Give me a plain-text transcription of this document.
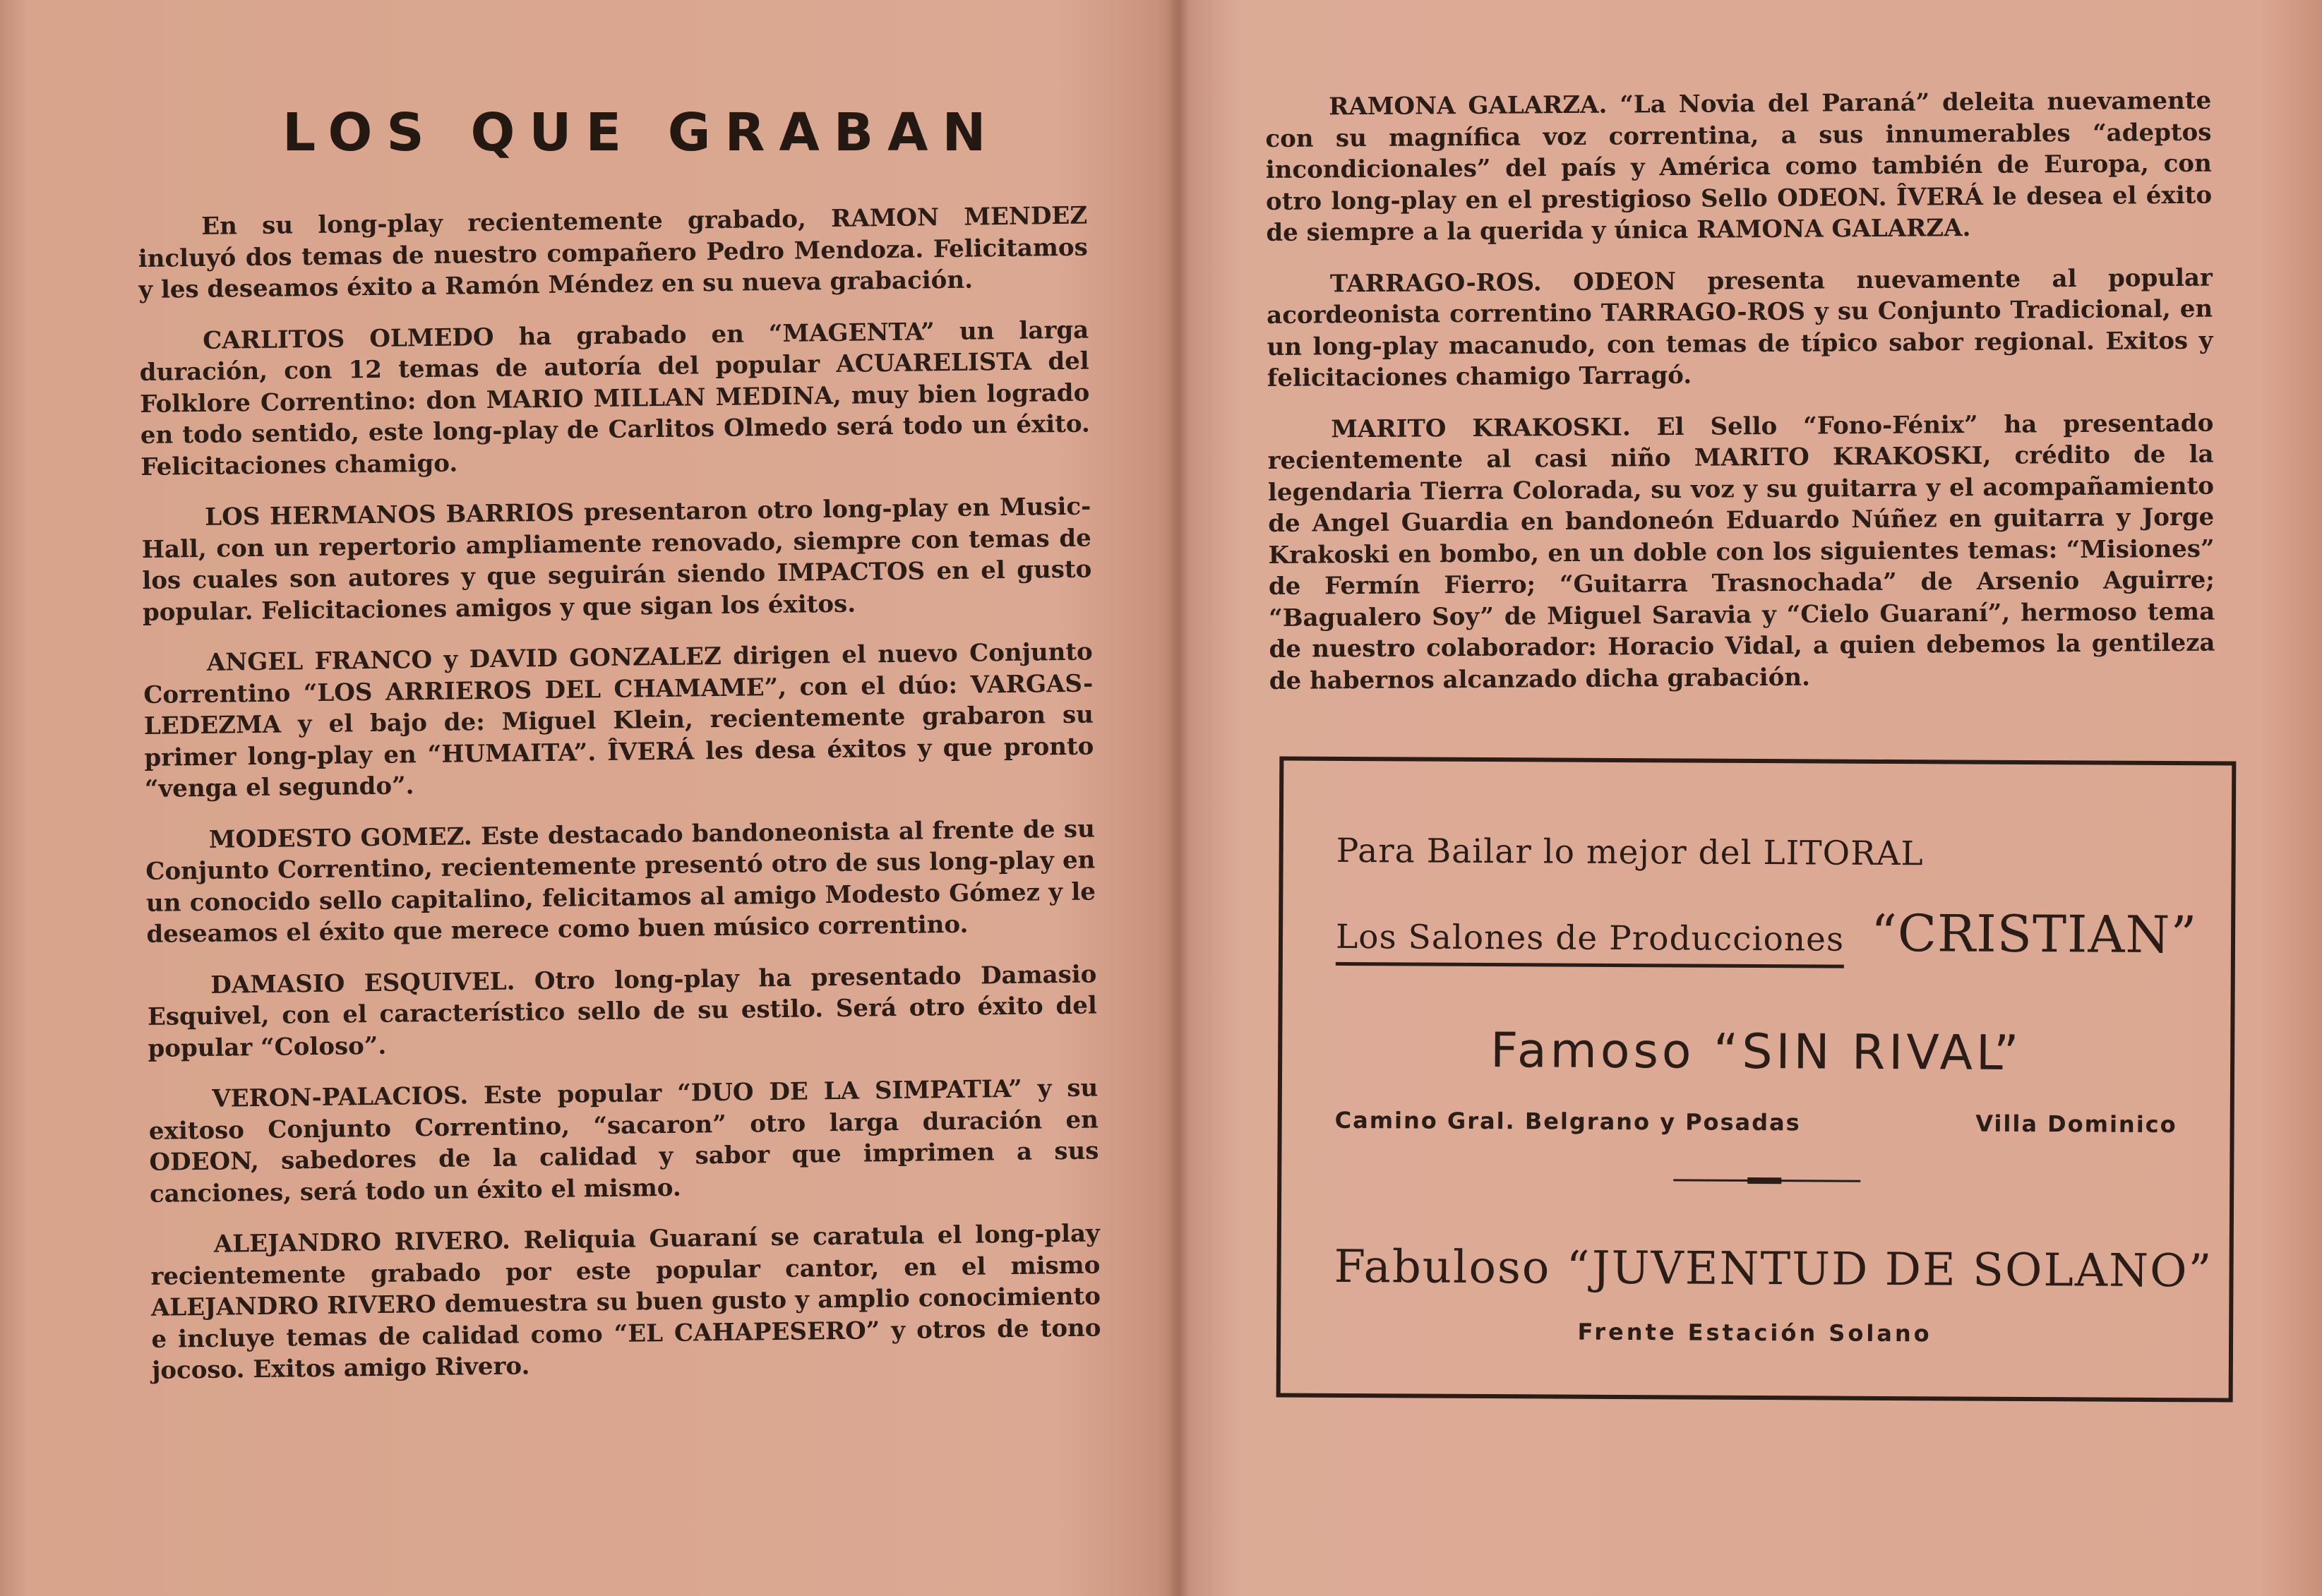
LOS QUE GRABAN

En su long-play recientemente grabado, RAMON MENDEZ incluyó dos temas de nuestro compañero Pedro Mendoza. Felicitamos y les deseamos éxito a Ramón Méndez en su nueva grabación.

CARLITOS OLMEDO ha grabado en “MAGENTA” un larga duración, con 12 temas de autoría del popular ACUARELISTA del Folklore Correntino: don MARIO MILLAN MEDINA, muy bien logrado en todo sentido, este long-play de Carlitos Olmedo será todo un éxito. Felicitaciones chamigo.

LOS HERMANOS BARRIOS presentaron otro long-play en Music-Hall, con un repertorio ampliamente renovado, siempre con temas de los cuales son autores y que seguirán siendo IMPACTOS en el gusto popular. Felicitaciones amigos y que sigan los éxitos.

ANGEL FRANCO y DAVID GONZALEZ dirigen el nuevo Conjunto Correntino “LOS ARRIEROS DEL CHAMAME”, con el dúo: VARGAS-LEDEZMA y el bajo de: Miguel Klein, recientemente grabaron su primer long-play en “HUMAITA”. ÎVERÁ les desa éxitos y que pronto “venga el segundo”.

MODESTO GOMEZ. Este destacado bandoneonista al frente de su Conjunto Correntino, recientemente presentó otro de sus long-play en un conocido sello capitalino, felicitamos al amigo Modesto Gómez y le deseamos el éxito que merece como buen músico correntino.

DAMASIO ESQUIVEL. Otro long-play ha presentado Damasio Esquivel, con el característico sello de su estilo. Será otro éxito del popular “Coloso”.

VERON-PALACIOS. Este popular “DUO DE LA SIMPATIA” y su exitoso Conjunto Correntino, “sacaron” otro larga duración en ODEON, sabedores de la calidad y sabor que imprimen a sus canciones, será todo un éxito el mismo.

ALEJANDRO RIVERO. Reliquia Guaraní se caratula el long-play recientemente grabado por este popular cantor, en el mismo ALEJANDRO RIVERO demuestra su buen gusto y amplio conocimiento e incluye temas de calidad como “EL CAHAPESERO” y otros de tono jocoso. Exitos amigo Rivero.

RAMONA GALARZA. “La Novia del Paraná” deleita nuevamente con su magnífica voz correntina, a sus innumerables “adeptos incondicionales” del país y América como también de Europa, con otro long-play en el prestigioso Sello ODEON. ÎVERÁ le desea el éxito de siempre a la querida y única RAMONA GALARZA.

TARRAGO-ROS. ODEON presenta nuevamente al popular acordeonista correntino TARRAGO-ROS y su Conjunto Tradicional, en un long-play macanudo, con temas de típico sabor regional. Exitos y felicitaciones chamigo Tarragó.

MARITO KRAKOSKI. El Sello “Fono-Fénix” ha presentado recientemente al casi niño MARITO KRAKOSKI, crédito de la legendaria Tierra Colorada, su voz y su guitarra y el acompañamiento de Angel Guardia en bandoneón Eduardo Núñez en guitarra y Jorge Krakoski en bombo, en un doble con los siguientes temas: “Misiones” de Fermín Fierro; “Guitarra Trasnochada” de Arsenio Aguirre; “Bagualero Soy” de Miguel Saravia y “Cielo Guaraní”, hermoso tema de nuestro colaborador: Horacio Vidal, a quien debemos la gentileza de habernos alcanzado dicha grabación.

Para Bailar lo mejor del LITORAL
Los Salones de Producciones “CRISTIAN”
Famoso “SIN RIVAL”
Camino Gral. Belgrano y Posadas	Villa Dominico
Fabuloso “JUVENTUD DE SOLANO”
Frente Estación Solano
